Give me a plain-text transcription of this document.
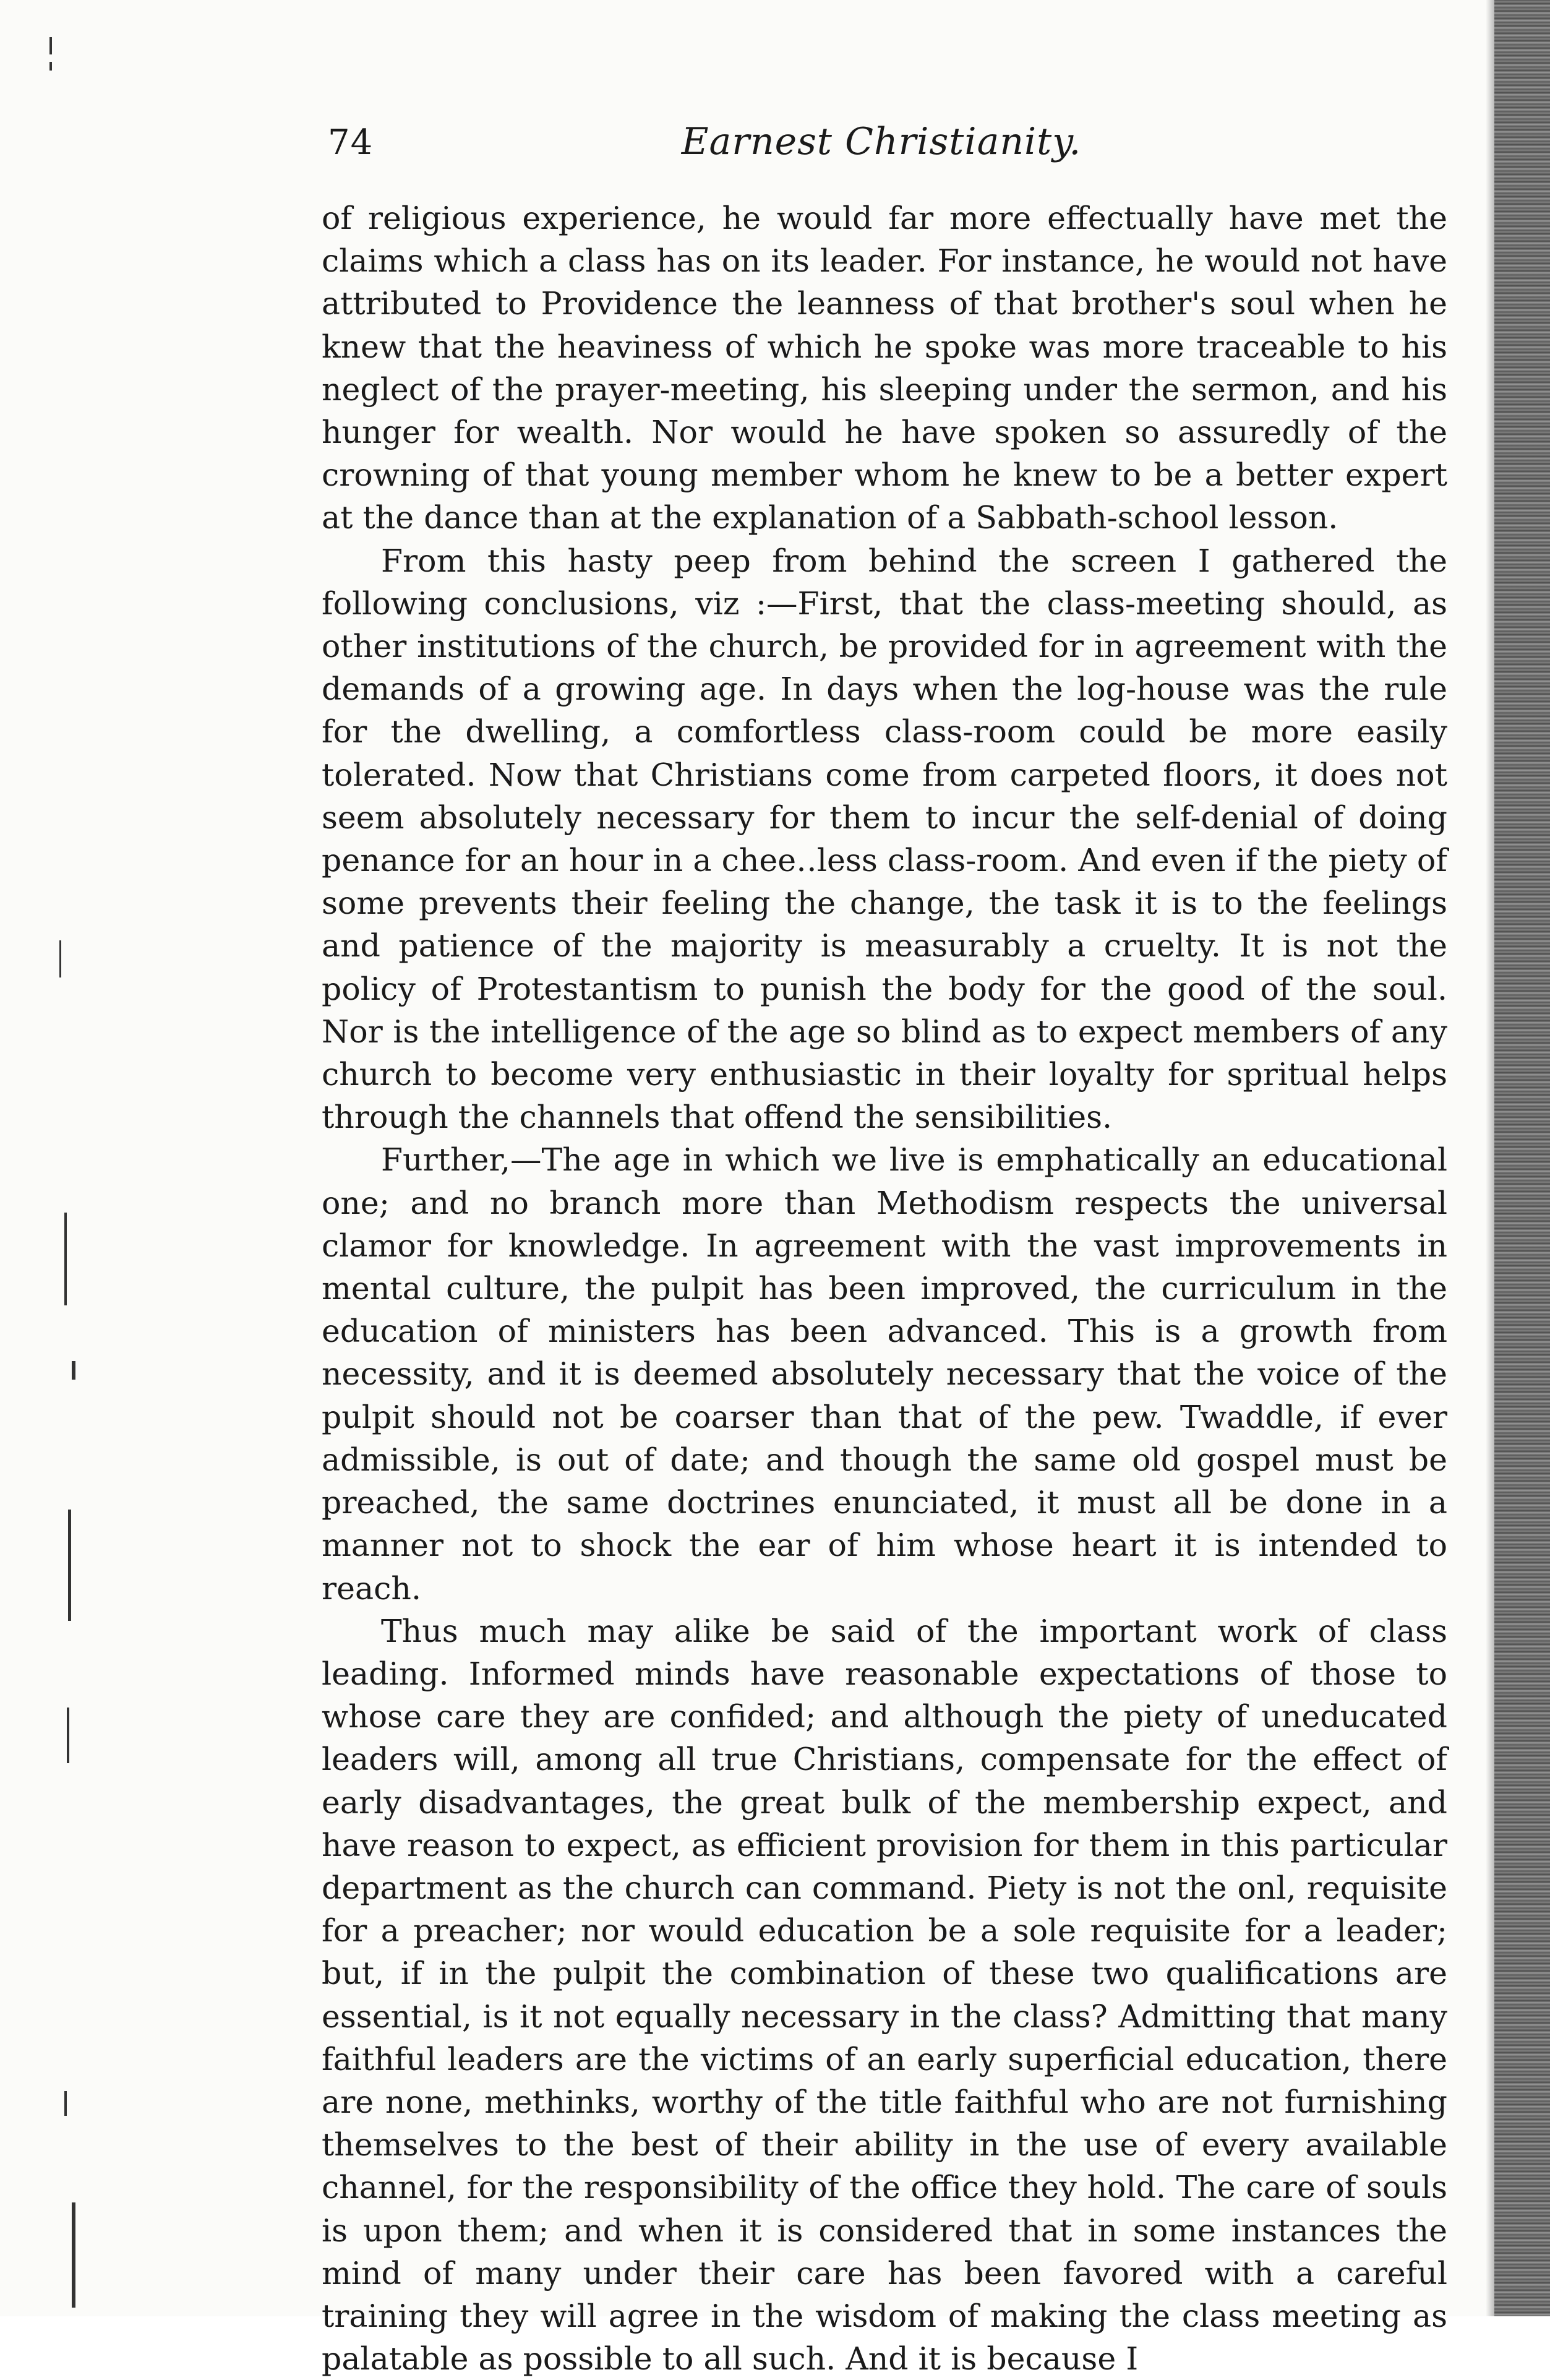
74	Earnest Christianity.

of religious experience, he would far more effectually have met the claims which a class has on its leader. For instance, he would not have attributed to Providence the leanness of that brother's soul when he knew that the heaviness of which he spoke was more traceable to his neglect of the prayer-meeting, his sleeping under the sermon, and his hunger for wealth. Nor would he have spoken so assuredly of the crowning of that young member whom he knew to be a better expert at the dance than at the explanation of a Sabbath-school lesson.

From this hasty peep from behind the screen I gathered the following conclusions, viz :—First, that the class-meeting should, as other institutions of the church, be provided for in agreement with the demands of a growing age. In days when the log-house was the rule for the dwelling, a comfortless class-room could be more easily tolerated. Now that Christians come from carpeted floors, it does not seem absolutely necessary for them to incur the self-denial of doing penance for an hour in a chee‥less class-room. And even if the piety of some prevents their feeling the change, the task it is to the feelings and patience of the majority is measurably a cruelty. It is not the policy of Protestantism to punish the body for the good of the soul. Nor is the intelligence of the age so blind as to expect members of any church to become very enthusiastic in their loyalty for spritual helps through the channels that offend the sensibilities.

Further,—The age in which we live is emphatically an educational one; and no branch more than Methodism respects the universal clamor for knowledge. In agreement with the vast improvements in mental culture, the pulpit has been improved, the curriculum in the education of ministers has been advanced. This is a growth from necessity, and it is deemed absolutely necessary that the voice of the pulpit should not be coarser than that of the pew. Twaddle, if ever admissible, is out of date; and though the same old gospel must be preached, the same doctrines enunciated, it must all be done in a manner not to shock the ear of him whose heart it is intended to reach.

Thus much may alike be said of the important work of class leading. Informed minds have reasonable expectations of those to whose care they are confided; and although the piety of uneducated leaders will, among all true Christians, compensate for the effect of early disadvantages, the great bulk of the membership expect, and have reason to expect, as efficient provision for them in this particular department as the church can command. Piety is not the onl, requisite for a preacher; nor would education be a sole requisite for a leader; but, if in the pulpit the combination of these two qualifications are essential, is it not equally necessary in the class? Admitting that many faithful leaders are the victims of an early superficial education, there are none, methinks, worthy of the title faithful who are not furnishing themselves to the best of their ability in the use of every available channel, for the responsibility of the office they hold. The care of souls is upon them; and when it is considered that in some instances the mind of many under their care has been favored with a careful training they will agree in the wisdom of making the class meeting as palatable as possible to all such. And it is because I
